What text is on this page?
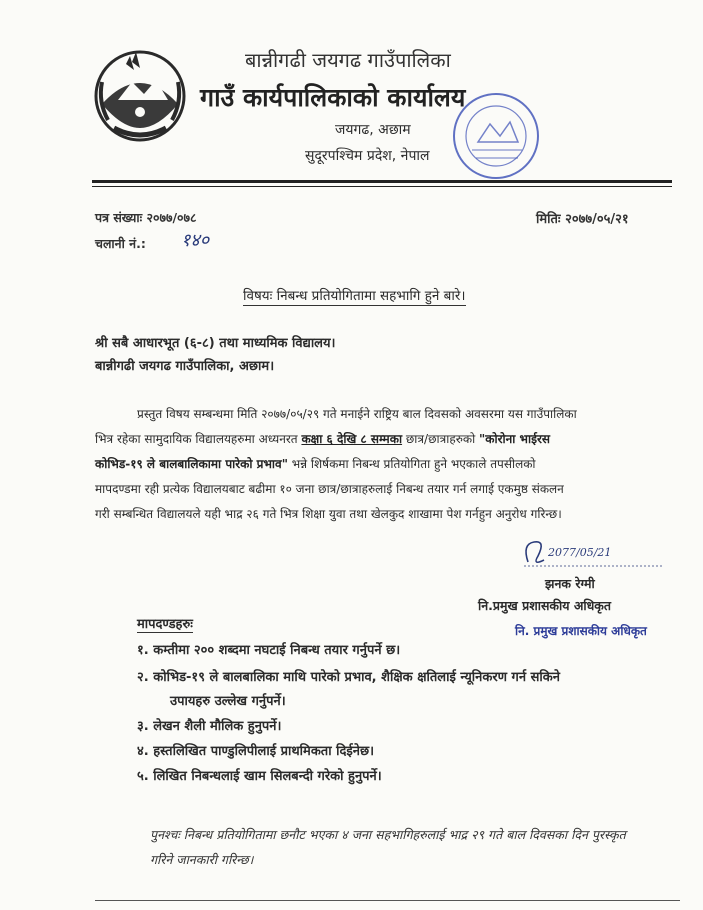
बान्नीगढी जयगढ गाउँपालिका
गाउँ कार्यपालिकाको कार्यालय
जयगढ, अछाम
सुदूरपश्चिम प्रदेश, नेपाल
पत्र संख्याः २०७७/०७८
चलानी नं.: १४०
मितिः २०७७/०५/२१
विषयः निबन्ध प्रतियोगितामा सहभागि हुने बारे।
श्री सबै आधारभूत (६-८) तथा माध्यमिक विद्यालय।
बान्नीगढी जयगढ गाउँपालिका, अछाम।
प्रस्तुत विषय सम्बन्धमा मिति २०७७/०५/२९ गते मनाईने राष्ट्रिय बाल दिवसको अवसरमा यस गाउँपालिका
भित्र रहेका सामुदायिक विद्यालयहरुमा अध्यनरत कक्षा ६ देखि ८ सम्मका छात्र/छात्राहरुको "कोरोना भाईरस
कोभिड-१९ ले बालबालिकामा पारेको प्रभाव" भन्ने शिर्षकमा निबन्ध प्रतियोगिता हुने भएकाले तपसीलको
मापदण्डमा रही प्रत्येक विद्यालयबाट बढीमा १० जना छात्र/छात्राहरुलाई निबन्ध तयार गर्न लगाई एकमुष्ठ संकलन
गरी सम्बन्धित विद्यालयले यही भाद्र २६ गते भित्र शिक्षा युवा तथा खेलकुद शाखामा पेश गर्नहुन अनुरोध गरिन्छ।
2077/05/21
झनक रेग्मी
नि.प्रमुख प्रशासकीय अधिकृत
नि. प्रमुख प्रशासकीय अधिकृत
मापदण्डहरुः
१. कम्तीमा २०० शब्दमा नघटाई निबन्ध तयार गर्नुपर्ने छ।
२. कोभिड-१९ ले बालबालिका माथि पारेको प्रभाव, शैक्षिक क्षतिलाई न्यूनिकरण गर्न सकिने
उपायहरु उल्लेख गर्नुपर्ने।
३. लेखन शैली मौलिक हुनुपर्ने।
४. हस्तलिखित पाण्डुलिपीलाई प्राथमिकता दिईनेछ।
५. लिखित निबन्धलाई खाम सिलबन्दी गरेको हुनुपर्ने।
पुनश्चः निबन्ध प्रतियोगितामा छनौट भएका ४ जना सहभागिहरुलाई भाद्र २९ गते बाल दिवसका दिन पुरस्कृत
गरिने जानकारी गरिन्छ।
